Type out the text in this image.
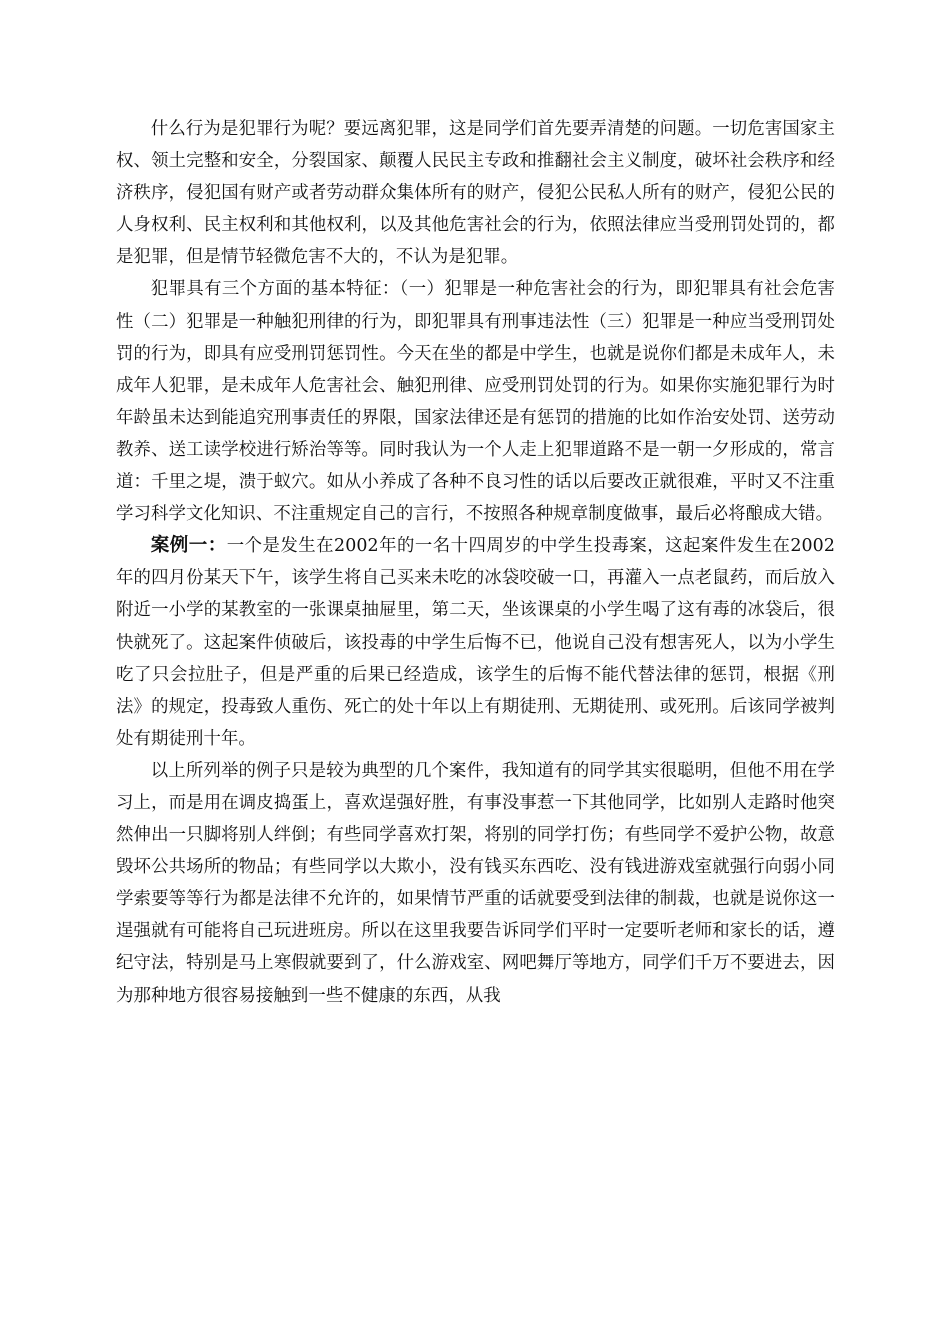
什么行为是犯罪行为呢？要远离犯罪，这是同学们首先要弄清楚的问题。一切危害国家主权、领土完整和安全，分裂国家、颠覆人民民主专政和推翻社会主义制度，破坏社会秩序和经济秩序，侵犯国有财产或者劳动群众集体所有的财产，侵犯公民私人所有的财产，侵犯公民的人身权利、民主权利和其他权利，以及其他危害社会的行为，依照法律应当受刑罚处罚的，都是犯罪，但是情节轻微危害不大的，不认为是犯罪。

犯罪具有三个方面的基本特征：（一）犯罪是一种危害社会的行为，即犯罪具有社会危害性（二）犯罪是一种触犯刑律的行为，即犯罪具有刑事违法性（三）犯罪是一种应当受刑罚处罚的行为，即具有应受刑罚惩罚性。今天在坐的都是中学生，也就是说你们都是未成年人，未成年人犯罪，是未成年人危害社会、触犯刑律、应受刑罚处罚的行为。如果你实施犯罪行为时年龄虽未达到能追究刑事责任的界限，国家法律还是有惩罚的措施的比如作治安处罚、送劳动教养、送工读学校进行矫治等等。同时我认为一个人走上犯罪道路不是一朝一夕形成的，常言道：千里之堤，溃于蚁穴。如从小养成了各种不良习性的话以后要改正就很难，平时又不注重学习科学文化知识、不注重规定自己的言行，不按照各种规章制度做事，最后必将酿成大错。

案例一：一个是发生在2002年的一名十四周岁的中学生投毒案，这起案件发生在2002年的四月份某天下午，该学生将自己买来未吃的冰袋咬破一口，再灌入一点老鼠药，而后放入附近一小学的某教室的一张课桌抽屉里，第二天，坐该课桌的小学生喝了这有毒的冰袋后，很快就死了。这起案件侦破后，该投毒的中学生后悔不已，他说自己没有想害死人，以为小学生吃了只会拉肚子，但是严重的后果已经造成，该学生的后悔不能代替法律的惩罚，根据《刑法》的规定，投毒致人重伤、死亡的处十年以上有期徒刑、无期徒刑、或死刑。后该同学被判处有期徒刑十年。

以上所列举的例子只是较为典型的几个案件，我知道有的同学其实很聪明，但他不用在学习上，而是用在调皮捣蛋上，喜欢逞强好胜，有事没事惹一下其他同学，比如别人走路时他突然伸出一只脚将别人绊倒；有些同学喜欢打架，将别的同学打伤；有些同学不爱护公物，故意毁坏公共场所的物品；有些同学以大欺小，没有钱买东西吃、没有钱进游戏室就强行向弱小同学索要等等行为都是法律不允许的，如果情节严重的话就要受到法律的制裁，也就是说你这一逞强就有可能将自己玩进班房。所以在这里我要告诉同学们平时一定要听老师和家长的话，遵纪守法，特别是马上寒假就要到了，什么游戏室、网吧舞厅等地方，同学们千万不要进去，因为那种地方很容易接触到一些不健康的东西，从我
